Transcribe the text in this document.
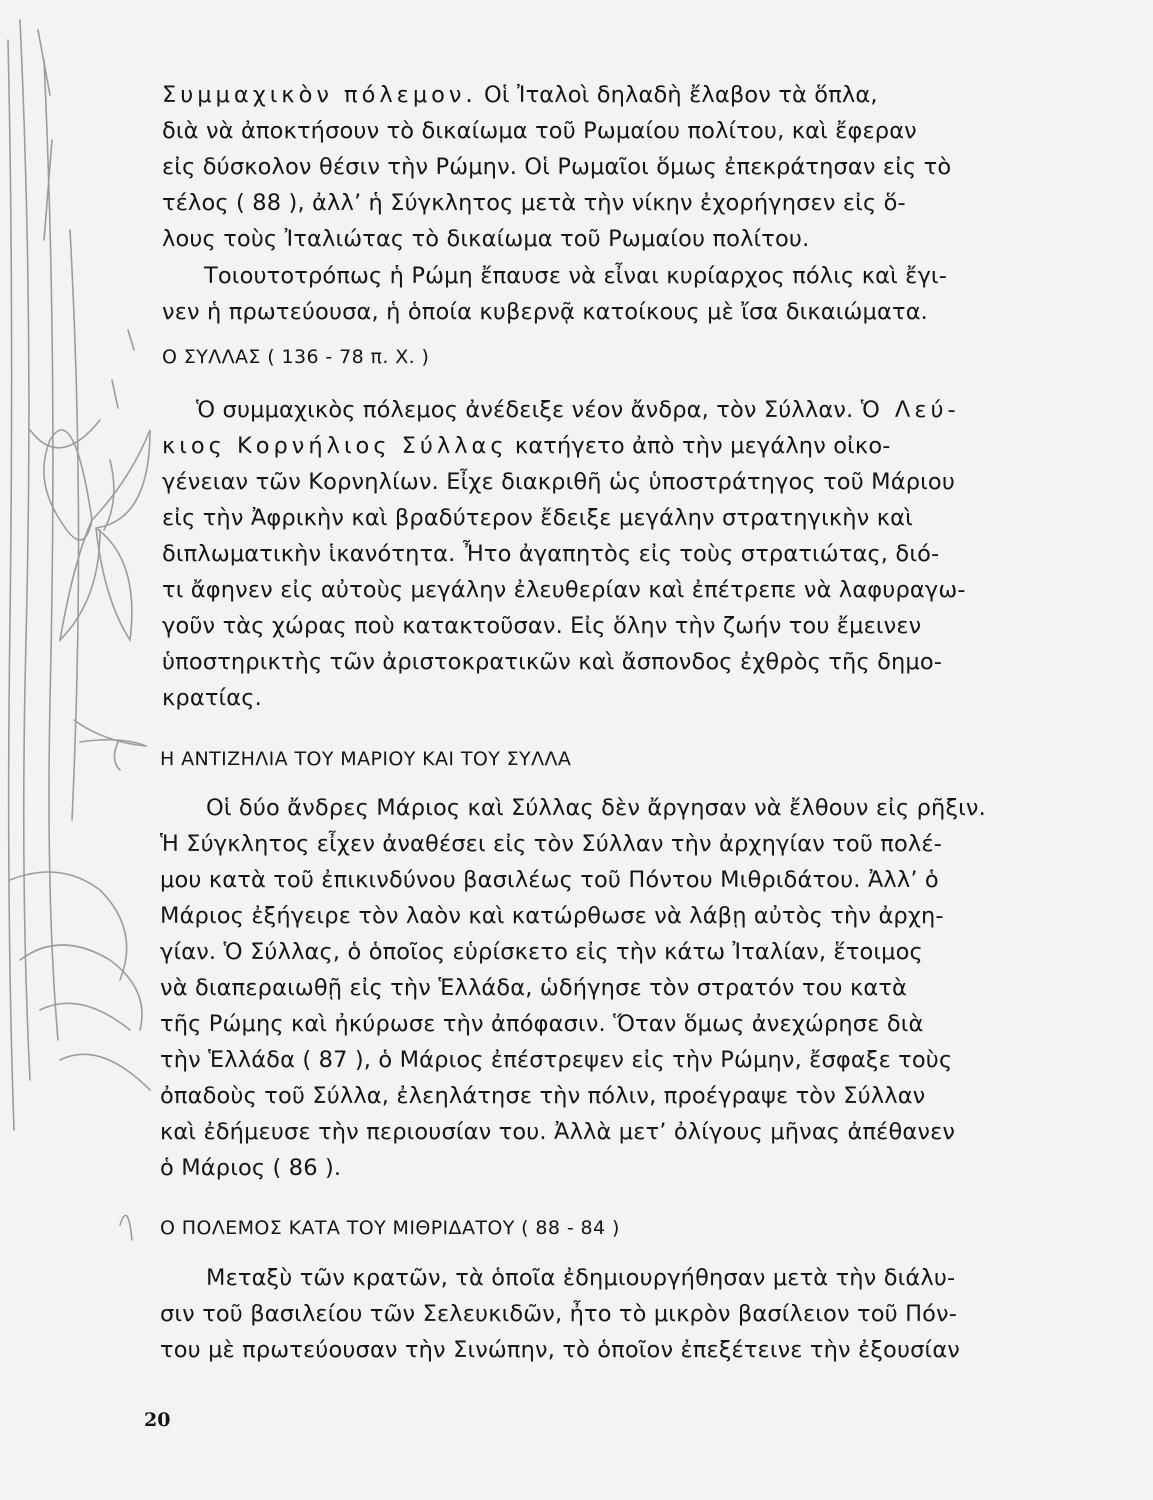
Συμμαχικὸν πόλεμον. Οἱ Ἰταλοὶ δηλαδὴ ἔλαβον τὰ ὅπλα,

διὰ νὰ ἀποκτήσουν τὸ δικαίωμα τοῦ Ρωμαίου πολίτου, καὶ ἔφεραν

εἰς δύσκολον θέσιν τὴν Ρώμην. Οἱ Ρωμαῖοι ὅμως ἐπεκράτησαν εἰς τὸ

τέλος ( 88 ), ἀλλ’ ἡ Σύγκλητος μετὰ τὴν νίκην ἐχορήγησεν εἰς ὅ-

λους τοὺς Ἰταλιώτας τὸ δικαίωμα τοῦ Ρωμαίου πολίτου.

Τοιουτοτρόπως ἡ Ρώμη ἔπαυσε νὰ εἶναι κυρίαρχος πόλις καὶ ἔγι-

νεν ἡ πρωτεύουσα, ἡ ὁποία κυβερνᾷ κατοίκους μὲ ἴσα δικαιώματα.

Ο ΣΥΛΛΑΣ ( 136 - 78 π. Χ. )

Ὁ συμμαχικὸς πόλεμος ἀνέδειξε νέον ἄνδρα, τὸν Σύλλαν. Ὁ Λεύ-

κιος Κορνήλιος Σύλλας κατήγετο ἀπὸ τὴν μεγάλην οἰκο-

γένειαν τῶν Κορνηλίων. Εἶχε διακριθῆ ὡς ὑποστράτηγος τοῦ Μάριου

εἰς τὴν Ἀφρικὴν καὶ βραδύτερον ἔδειξε μεγάλην στρατηγικὴν καὶ

διπλωματικὴν ἱκανότητα. Ἦτο ἀγαπητὸς εἰς τοὺς στρατιώτας, διό-

τι ἄφηνεν εἰς αὐτοὺς μεγάλην ἐλευθερίαν καὶ ἐπέτρεπε νὰ λαφυραγω-

γοῦν τὰς χώρας ποὺ κατακτοῦσαν. Εἰς ὅλην τὴν ζωήν του ἔμεινεν

ὑποστηρικτὴς τῶν ἀριστοκρατικῶν καὶ ἄσπονδος ἐχθρὸς τῆς δημο-

κρατίας.

Η ΑΝΤΙΖΗΛΙΑ ΤΟΥ ΜΑΡΙΟΥ ΚΑΙ ΤΟΥ ΣΥΛΛΑ

Οἱ δύο ἄνδρες Μάριος καὶ Σύλλας δὲν ἄργησαν νὰ ἔλθουν εἰς ρῆξιν.

Ἡ Σύγκλητος εἶχεν ἀναθέσει εἰς τὸν Σύλλαν τὴν ἀρχηγίαν τοῦ πολέ-

μου κατὰ τοῦ ἐπικινδύνου βασιλέως τοῦ Πόντου Μιθριδάτου. Ἀλλ’ ὁ

Μάριος ἐξήγειρε τὸν λαὸν καὶ κατώρθωσε νὰ λάβῃ αὐτὸς τὴν ἀρχη-

γίαν. Ὁ Σύλλας, ὁ ὁποῖος εὑρίσκετο εἰς τὴν κάτω Ἰταλίαν, ἕτοιμος

νὰ διαπεραιωθῇ εἰς τὴν Ἑλλάδα, ὡδήγησε τὸν στρατόν του κατὰ

τῆς Ρώμης καὶ ἠκύρωσε τὴν ἀπόφασιν. Ὅταν ὅμως ἀνεχώρησε διὰ

τὴν Ἑλλάδα ( 87 ), ὁ Μάριος ἐπέστρεψεν εἰς τὴν Ρώμην, ἔσφαξε τοὺς

ὀπαδοὺς τοῦ Σύλλα, ἐλεηλάτησε τὴν πόλιν, προέγραψε τὸν Σύλλαν

καὶ ἐδήμευσε τὴν περιουσίαν του. Ἀλλὰ μετ’ ὀλίγους μῆνας ἀπέθανεν

ὁ Μάριος ( 86 ).

Ο ΠΟΛΕΜΟΣ ΚΑΤΑ ΤΟΥ ΜΙΘΡΙΔΑΤΟΥ ( 88 - 84 )

Μεταξὺ τῶν κρατῶν, τὰ ὁποῖα ἐδημιουργήθησαν μετὰ τὴν διάλυ-

σιν τοῦ βασιλείου τῶν Σελευκιδῶν, ἦτο τὸ μικρὸν βασίλειον τοῦ Πόν-

του μὲ πρωτεύουσαν τὴν Σινώπην, τὸ ὁποῖον ἐπεξέτεινε τὴν ἐξουσίαν

20
